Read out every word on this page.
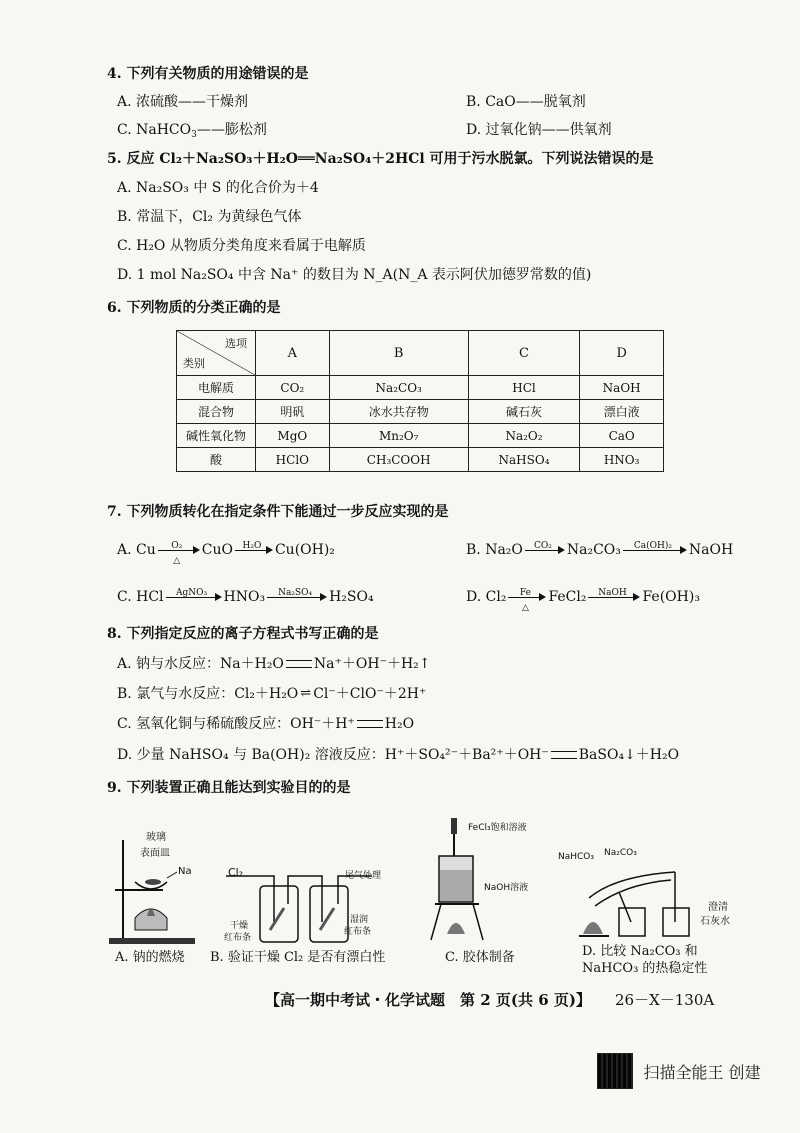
4. 下列有关物质的用途错误的是
A. 浓硫酸——干燥剂	B. CaO——脱氧剂
C. NaHCO$_3$——膨松剂	D. 过氧化钠——供氧剂
5. 反应 Cl₂＋Na₂SO₃＋H₂O══Na₂SO₄＋2HCl 可用于污水脱氯。下列说法错误的是
A. Na₂SO₃ 中 S 的化合价为＋4
B. 常温下，Cl₂ 为黄绿色气体
C. H₂O 从物质分类角度来看属于电解质
D. 1 mol Na₂SO₄ 中含 Na⁺ 的数目为 N_A(N_A 表示阿伏加德罗常数的值)
6. 下列物质的分类正确的是
选项
类别	A	B	C	D
电解质	CO₂	Na₂CO₃	HCl	NaOH
混合物	明矾	冰水共存物	碱石灰	漂白液
碱性氧化物	MgO	Mn₂O₇	Na₂O₂	CaO
酸	HClO	CH₃COOH	NaHSO₄	HNO₃
7. 下列物质转化在指定条件下能通过一步反应实现的是
A. Cu	O₂
△
CuO	H₂O Cu(OH)₂	B. Na₂O	CO₂	Na₂CO₃	Ca(OH)₂	NaOH
C. HCl	AgNO₃	HNO₃	Na₂SO₄	H₂SO₄	D. Cl₂	Fe
△
FeCl₂	NaOH	Fe(OH)₃
8. 下列指定反应的离子方程式书写正确的是
A. 钠与水反应：Na＋H₂O Na⁺＋OH⁻＋H₂↑
B. 氯气与水反应：Cl₂＋H₂O ⇌ Cl⁻＋ClO⁻＋2H⁺
C. 氢氧化铜与稀硫酸反应：OH⁻＋H⁺ H₂O
D. 少量 NaHSO₄ 与 Ba(OH)₂ 溶液反应：H⁺＋SO₄²⁻＋Ba²⁺＋OH⁻ BaSO₄↓＋H₂O
9. 下列装置正确且能达到实验目的的是
玻璃
表面皿
Na
A. 钠的燃烧
Cl₂	尾气处理
干燥
红布条
湿润
红布条
B. 验证干燥 Cl₂ 是否有漂白性
FeCl₃饱和溶液
NaOH溶液
C. 胶体制备
NaHCO₃ Na₂CO₃
澄清
石灰水
D. 比较 Na₂CO₃ 和
NaHCO₃ 的热稳定性
【高一期中考试・化学试题　第 2 页(共 6 页)】 26－X－130A
扫描全能王 创建
